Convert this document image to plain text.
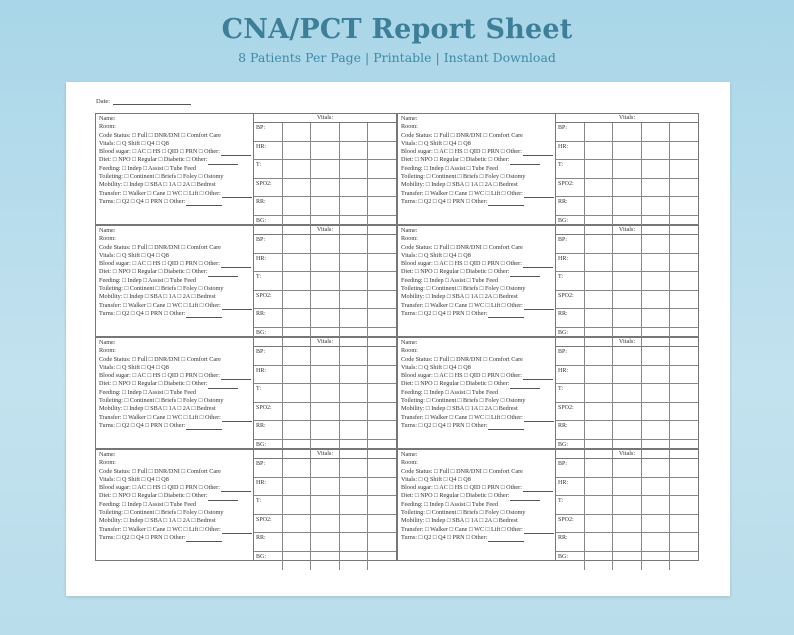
CNA/PCT Report Sheet
8 Patients Per Page | Printable | Instant Download
Date:
Name:
Room:
Code Status: □ Full □ DNR/DNI □ Comfort Care
Vitals: □ Q Shift □ Q4 □ Q8
Blood sugar: □ AC □ HS □ QID □ PRN □ Other:
Diet: □ NPO □ Regular □ Diabetic □ Other:
Feeding: □ Indep □ Assist □ Tube Feed
Toileting: □ Continent □ Briefs □ Foley □ Ostomy
Mobility: □ Indep □ SBA □ 1A □ 2A □ Bedrest
Transfer: □ Walker □ Cane □ WC □ Lift □ Other:
Turns: □ Q2 □ Q4 □ PRN □ Other:
Vitals:
BP:				
HR:				
T:				
SPO2:				
RR:				
BG:				
Name:
Room:
Code Status: □ Full □ DNR/DNI □ Comfort Care
Vitals: □ Q Shift □ Q4 □ Q8
Blood sugar: □ AC □ HS □ QID □ PRN □ Other:
Diet: □ NPO □ Regular □ Diabetic □ Other:
Feeding: □ Indep □ Assist □ Tube Feed
Toileting: □ Continent □ Briefs □ Foley □ Ostomy
Mobility: □ Indep □ SBA □ 1A □ 2A □ Bedrest
Transfer: □ Walker □ Cane □ WC □ Lift □ Other:
Turns: □ Q2 □ Q4 □ PRN □ Other:
Vitals:
BP:				
HR:				
T:				
SPO2:				
RR:				
BG:				
Name:
Room:
Code Status: □ Full □ DNR/DNI □ Comfort Care
Vitals: □ Q Shift □ Q4 □ Q8
Blood sugar: □ AC □ HS □ QID □ PRN □ Other:
Diet: □ NPO □ Regular □ Diabetic □ Other:
Feeding: □ Indep □ Assist □ Tube Feed
Toileting: □ Continent □ Briefs □ Foley □ Ostomy
Mobility: □ Indep □ SBA □ 1A □ 2A □ Bedrest
Transfer: □ Walker □ Cane □ WC □ Lift □ Other:
Turns: □ Q2 □ Q4 □ PRN □ Other:
Vitals:
BP:				
HR:				
T:				
SPO2:				
RR:				
BG:				
Name:
Room:
Code Status: □ Full □ DNR/DNI □ Comfort Care
Vitals: □ Q Shift □ Q4 □ Q8
Blood sugar: □ AC □ HS □ QID □ PRN □ Other:
Diet: □ NPO □ Regular □ Diabetic □ Other:
Feeding: □ Indep □ Assist □ Tube Feed
Toileting: □ Continent □ Briefs □ Foley □ Ostomy
Mobility: □ Indep □ SBA □ 1A □ 2A □ Bedrest
Transfer: □ Walker □ Cane □ WC □ Lift □ Other:
Turns: □ Q2 □ Q4 □ PRN □ Other:
Vitals:
BP:				
HR:				
T:				
SPO2:				
RR:				
BG:				
Name:
Room:
Code Status: □ Full □ DNR/DNI □ Comfort Care
Vitals: □ Q Shift □ Q4 □ Q8
Blood sugar: □ AC □ HS □ QID □ PRN □ Other:
Diet: □ NPO □ Regular □ Diabetic □ Other:
Feeding: □ Indep □ Assist □ Tube Feed
Toileting: □ Continent □ Briefs □ Foley □ Ostomy
Mobility: □ Indep □ SBA □ 1A □ 2A □ Bedrest
Transfer: □ Walker □ Cane □ WC □ Lift □ Other:
Turns: □ Q2 □ Q4 □ PRN □ Other:
Vitals:
BP:				
HR:				
T:				
SPO2:				
RR:				
BG:				
Name:
Room:
Code Status: □ Full □ DNR/DNI □ Comfort Care
Vitals: □ Q Shift □ Q4 □ Q8
Blood sugar: □ AC □ HS □ QID □ PRN □ Other:
Diet: □ NPO □ Regular □ Diabetic □ Other:
Feeding: □ Indep □ Assist □ Tube Feed
Toileting: □ Continent □ Briefs □ Foley □ Ostomy
Mobility: □ Indep □ SBA □ 1A □ 2A □ Bedrest
Transfer: □ Walker □ Cane □ WC □ Lift □ Other:
Turns: □ Q2 □ Q4 □ PRN □ Other:
Vitals:
BP:				
HR:				
T:				
SPO2:				
RR:				
BG:				
Name:
Room:
Code Status: □ Full □ DNR/DNI □ Comfort Care
Vitals: □ Q Shift □ Q4 □ Q8
Blood sugar: □ AC □ HS □ QID □ PRN □ Other:
Diet: □ NPO □ Regular □ Diabetic □ Other:
Feeding: □ Indep □ Assist □ Tube Feed
Toileting: □ Continent □ Briefs □ Foley □ Ostomy
Mobility: □ Indep □ SBA □ 1A □ 2A □ Bedrest
Transfer: □ Walker □ Cane □ WC □ Lift □ Other:
Turns: □ Q2 □ Q4 □ PRN □ Other:
Vitals:
BP:				
HR:				
T:				
SPO2:				
RR:				
BG:				
Name:
Room:
Code Status: □ Full □ DNR/DNI □ Comfort Care
Vitals: □ Q Shift □ Q4 □ Q8
Blood sugar: □ AC □ HS □ QID □ PRN □ Other:
Diet: □ NPO □ Regular □ Diabetic □ Other:
Feeding: □ Indep □ Assist □ Tube Feed
Toileting: □ Continent □ Briefs □ Foley □ Ostomy
Mobility: □ Indep □ SBA □ 1A □ 2A □ Bedrest
Transfer: □ Walker □ Cane □ WC □ Lift □ Other:
Turns: □ Q2 □ Q4 □ PRN □ Other:
Vitals:
BP:				
HR:				
T:				
SPO2:				
RR:				
BG:				
